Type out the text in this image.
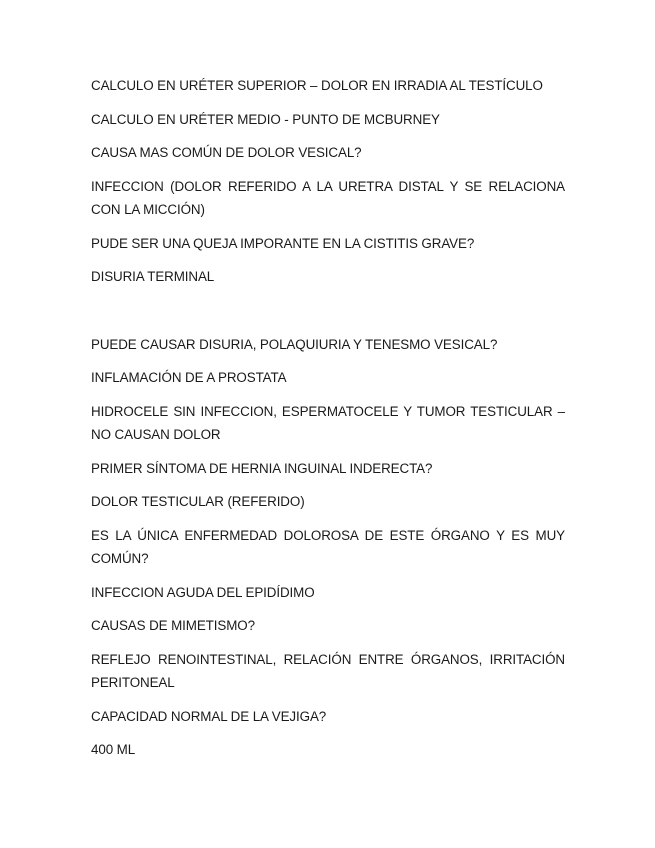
CALCULO EN URÉTER SUPERIOR – DOLOR EN IRRADIA AL TESTÍCULO

CALCULO EN URÉTER MEDIO - PUNTO DE MCBURNEY

CAUSA MAS COMÚN DE DOLOR VESICAL?

INFECCION (DOLOR REFERIDO A LA URETRA DISTAL Y SE RELACIONA CON LA MICCIÓN)

PUDE SER UNA QUEJA IMPORANTE EN LA CISTITIS GRAVE?

DISURIA TERMINAL

PUEDE CAUSAR DISURIA, POLAQUIURIA Y TENESMO VESICAL?

INFLAMACIÓN DE A PROSTATA

HIDROCELE SIN INFECCION, ESPERMATOCELE Y TUMOR TESTICULAR – NO CAUSAN DOLOR

PRIMER SÍNTOMA DE HERNIA INGUINAL INDERECTA?

DOLOR TESTICULAR (REFERIDO)

ES LA ÚNICA ENFERMEDAD DOLOROSA DE ESTE ÓRGANO Y ES MUY COMÚN?

INFECCION AGUDA DEL EPIDÍDIMO

CAUSAS DE MIMETISMO?

REFLEJO RENOINTESTINAL, RELACIÓN ENTRE ÓRGANOS, IRRITACIÓN PERITONEAL

CAPACIDAD NORMAL DE LA VEJIGA?

400 ML
